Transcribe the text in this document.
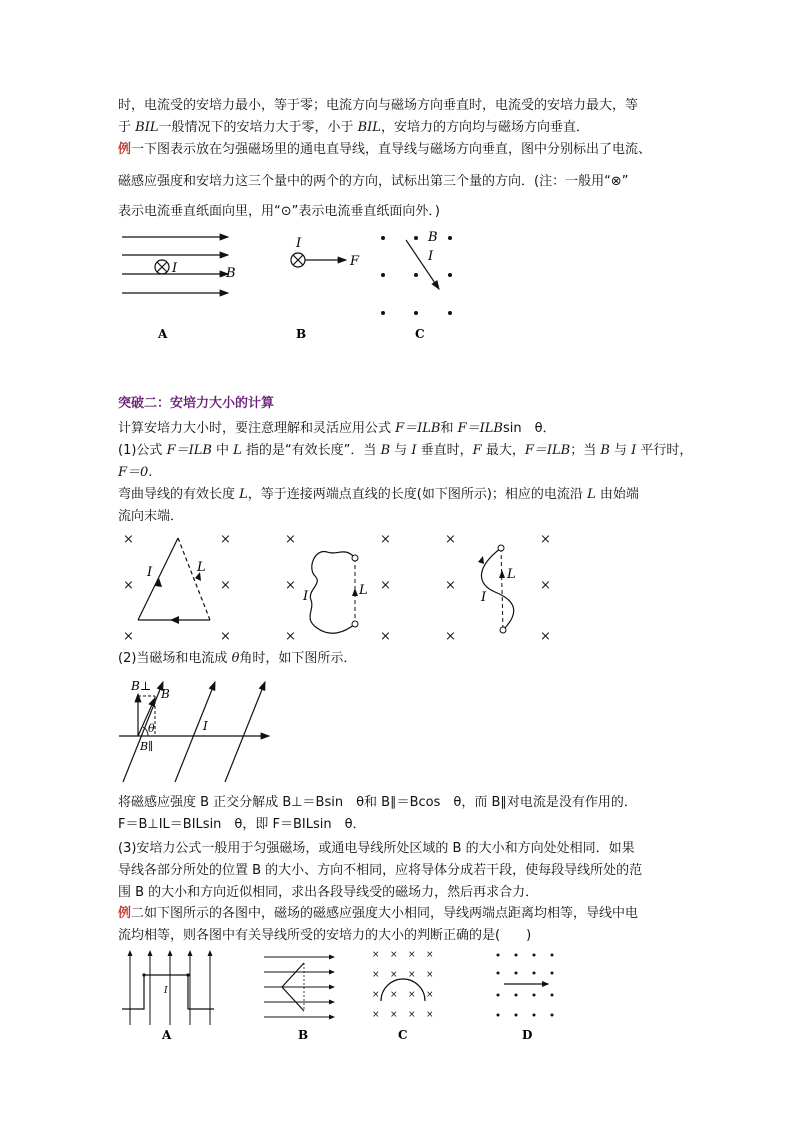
时，电流受的安培力最小，等于零；电流方向与磁场方向垂直时，电流受的安培力最大，等
于 BIL一般情况下的安培力大于零，小于 BIL，安培力的方向均与磁场方向垂直．
例一下图表示放在匀强磁场里的通电直导线，直导线与磁场方向垂直，图中分别标出了电流、
磁感应强度和安培力这三个量中的两个的方向，试标出第三个量的方向．(注：一般用“⊗”
表示电流垂直纸面向里，用“⊙”表示电流垂直纸面向外．)
I	B
A
I
F
B
B
I
C
突破二：安培力大小的计算
计算安培力大小时，要注意理解和灵活应用公式 F＝ILB和 F＝ILBsin　θ．
(1)公式 F＝ILB 中 L 指的是“有效长度”．当 B 与 I 垂直时，F 最大，F＝ILB；当 B 与 I 平行时，
F＝0.
弯曲导线的有效长度 L，等于连接两端点直线的长度(如下图所示)；相应的电流沿 L 由始端
流向末端．
×	×
×	×
×	×
×	×
×	×
×	×
×	×
×	×
×	×
I	L
L
I
L
I
(2)当磁场和电流成 θ角时，如下图所示．
B⊥
B
θ
B∥
I
将磁感应强度 B 正交分解成 B⊥＝Bsin　θ和 B∥＝Bcos　θ，而 B∥对电流是没有作用的．
F＝B⊥IL＝BILsin　θ，即 F＝BILsin　θ．
(3)安培力公式一般用于匀强磁场，或通电导线所处区域的 B 的大小和方向处处相同．如果
导线各部分所处的位置 B 的大小、方向不相同，应将导体分成若干段，使每段导线所处的范
围 B 的大小和方向近似相同，求出各段导线受的磁场力，然后再求合力．
例二如下图所示的各图中，磁场的磁感应强度大小相同，导线两端点距离均相等，导线中电
流均相等，则各图中有关导线所受的安培力的大小的判断正确的是(　　)
I
A	B
× × × ×
× × × ×
× × × ×
× × × ×
C	D
